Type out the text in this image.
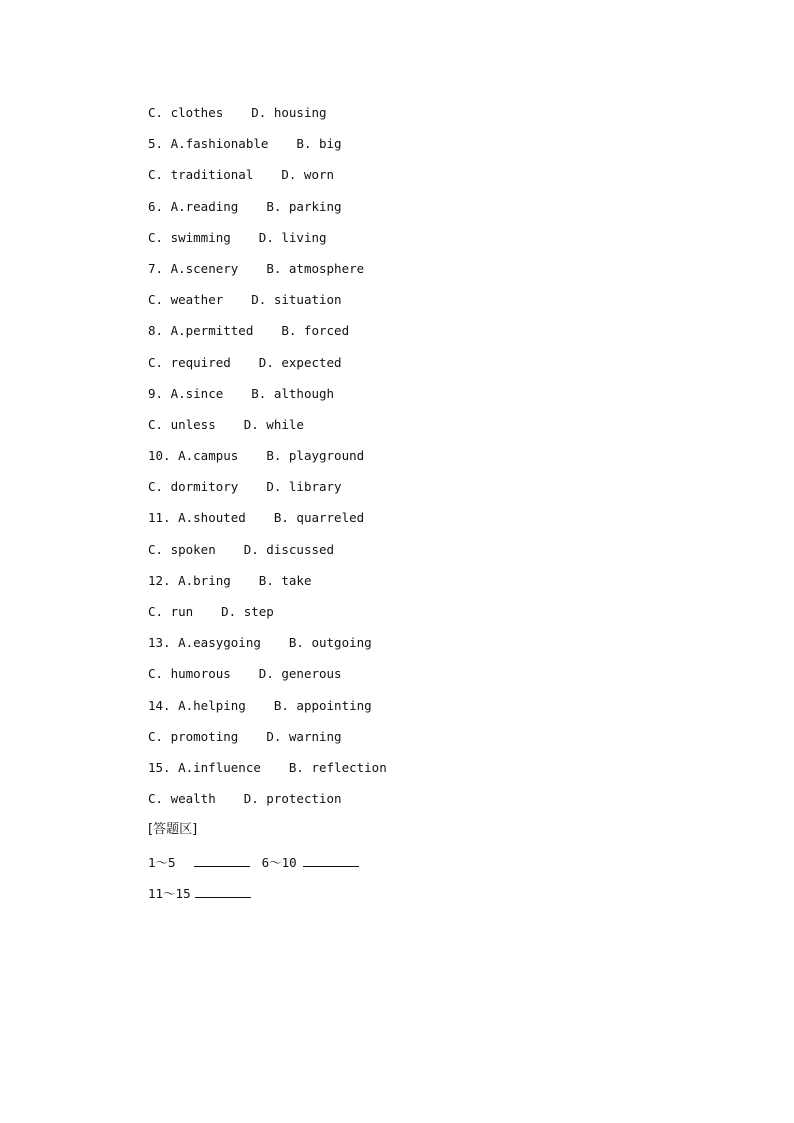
C. clothes D. housing
5. A.fashionable B. big
C. traditional D. worn
6. A.reading B. parking
C. swimming D. living
7. A.scenery B. atmosphere
C. weather D. situation
8. A.permitted B. forced
C. required D. expected
9. A.since B. although
C. unless D. while
10. A.campus B. playground
C. dormitory D. library
11. A.shouted B. quarreled
C. spoken D. discussed
12. A.bring B. take
C. run D. step
13. A.easygoing B. outgoing
C. humorous D. generous
14. A.helping B. appointing
C. promoting D. warning
15. A.influence B. reflection
C. wealth D. protection
[答题区]
1～5	6～10
11～15
